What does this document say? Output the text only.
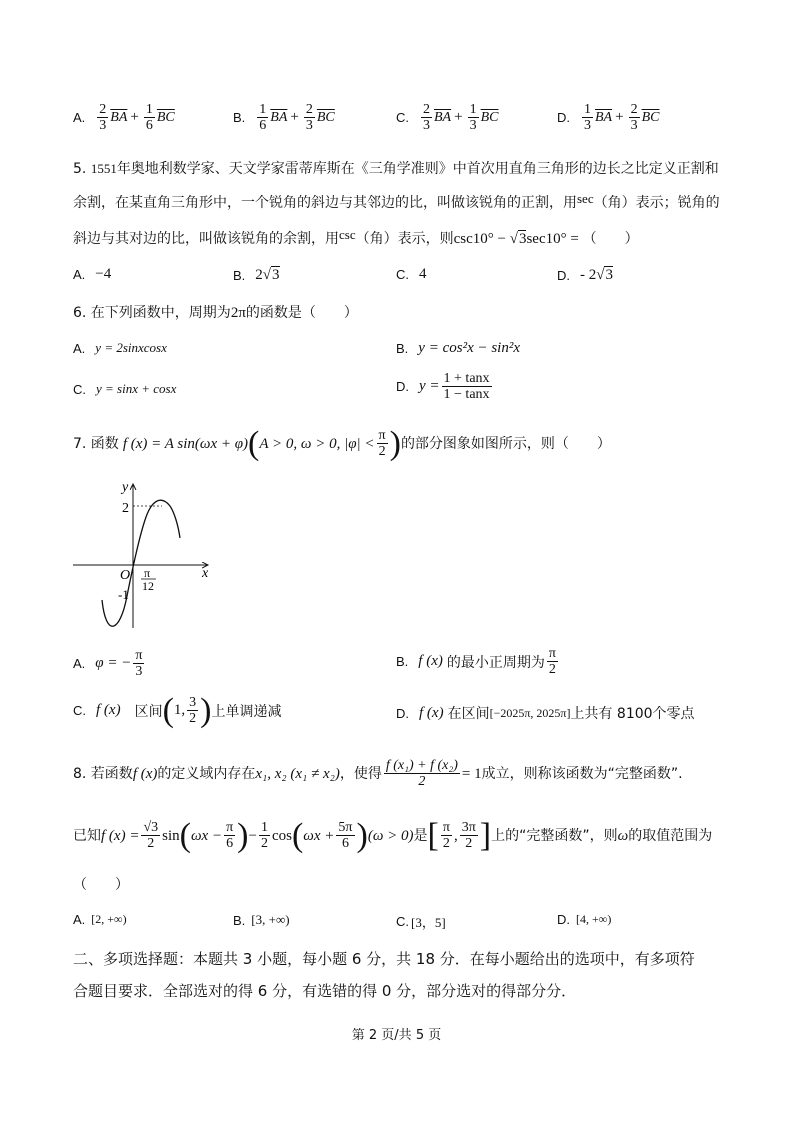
A. $\frac{2}{3} \overline{BA} + \frac{1}{6} \overline{BC}$	B. $\frac{1}{6} \overline{BA} + \frac{2}{3} \overline{BC}$	C. $\frac{2}{3} \overline{BA} + \frac{1}{3} \overline{BC}$	D. $\frac{1}{3} \overline{BA} + \frac{2}{3} \overline{BC}$
5. 1551年奥地利数学家、天文学家雷蒂库斯在《三角学准则》中首次用直角三角形的边长之比定义正割和
余割，在某直角三角形中，一个锐角的斜边与其邻边的比，叫做该锐角的正割，用sec（角）表示；锐角的
斜边与其对边的比，叫做该锐角的余割，用csc（角）表示，则csc10° − √3sec10° = （　　）
A. −4	B. 2 √ 3	C. 4	D. - 2 √ 3
6. 在下列函数中，周期为2π的函数是（　　）
A. y = 2sinxcosx	B. y = cos²x − sin²x
C. y = sinx + cosx	D. $y = \frac{1 + \tan x}{1 - \tan x}$
7. 函数 f (x) = A sin(ωx + φ) ( A > 0, ω > 0, $|\varphi| < \frac{\pi}{2}$ ) 的部分图象如图所示，则（　　）
y
x
O
2
-1
π
12
A. φ = − $\frac{\pi}{3}$	B. f (x) 的最小正周期为 $\frac{\pi}{2}$
C. f (x) 区间 ( 1, $\frac{3}{2}$ ) 上单调递减	D. f (x) 在区间 [−2025π, 2025π] 上共有 8100个零点
8. 若函数 f (x) 的定义域内存在 x₁, x₂ (x₁ ≠ x₂) ，使得 $\frac{\text{f (x₁) + f (x₂)}}{2} = 1$ 成立，则称该函数为“完整函数”.
已知 f $(x) = \frac{√3}{2}$ sin ( $\omega x - \frac{\pi}{6}$ ) − $\frac{1}{2}$ cos ( $\omega x + \frac{5\pi}{6}$ ) (ω > 0) 是 [ $\frac{\pi}{2}$ , $\frac{3\pi}{2}$ ] 上的“完整函数”，则 ω 的取值范围为
（　　）
A. [2, +∞)	B. [3, +∞)	C. [3，5]	D. [4, +∞)
二、多项选择题：本题共 3 小题，每小题 6 分，共 18 分．在每小题给出的选项中，有多项符
合题目要求．全部选对的得 6 分，有选错的得 0 分，部分选对的得部分分．
第 2 页/共 5 页
